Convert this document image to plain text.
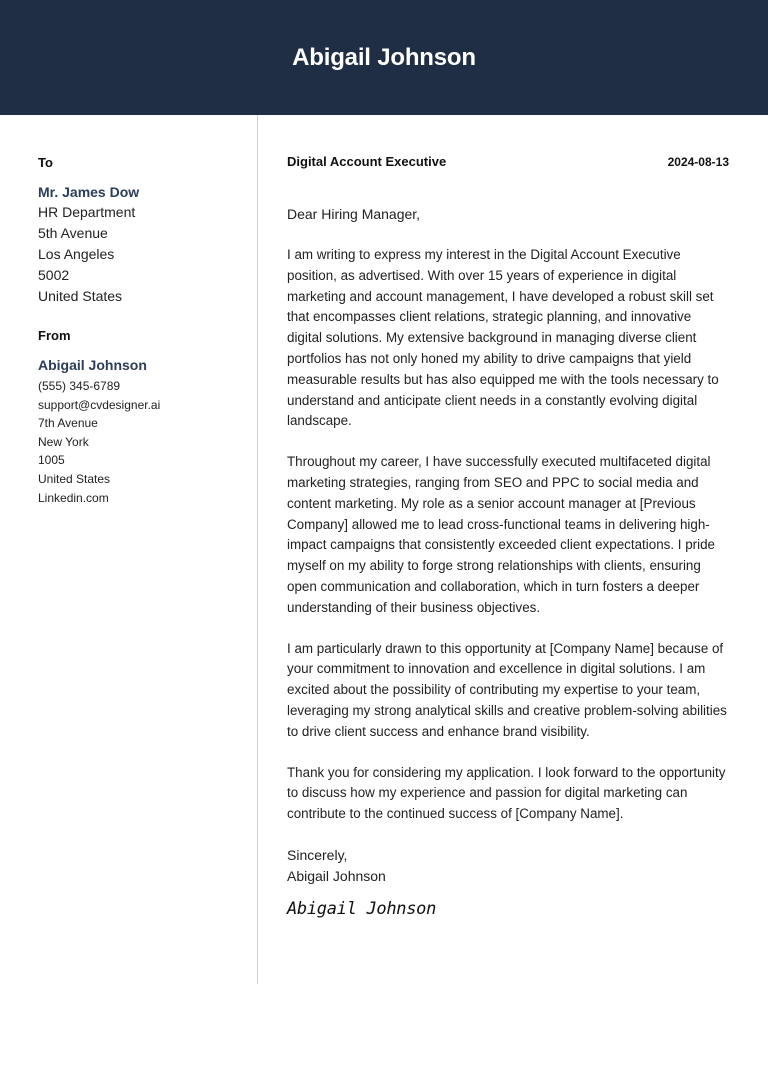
Abigail Johnson
To
Mr. James Dow
HR Department
5th Avenue
Los Angeles
5002
United States
From
Abigail Johnson
(555) 345-6789
support@cvdesigner.ai
7th Avenue
New York
1005
United States
Linkedin.com
Digital Account Executive	2024-08-13
Dear Hiring Manager,

I am writing to express my interest in the Digital Account Executive position, as advertised. With over 15 years of experience in digital marketing and account management, I have developed a robust skill set that encompasses client relations, strategic planning, and innovative digital solutions. My extensive background in managing diverse client portfolios has not only honed my ability to drive campaigns that yield measurable results but has also equipped me with the tools necessary to understand and anticipate client needs in a constantly evolving digital landscape.

Throughout my career, I have successfully executed multifaceted digital marketing strategies, ranging from SEO and PPC to social media and content marketing. My role as a senior account manager at [Previous Company] allowed me to lead cross-functional teams in delivering high-impact campaigns that consistently exceeded client expectations. I pride myself on my ability to forge strong relationships with clients, ensuring open communication and collaboration, which in turn fosters a deeper understanding of their business objectives.

I am particularly drawn to this opportunity at [Company Name] because of your commitment to innovation and excellence in digital solutions. I am excited about the possibility of contributing my expertise to your team, leveraging my strong analytical skills and creative problem-solving abilities to drive client success and enhance brand visibility.

Thank you for considering my application. I look forward to the opportunity to discuss how my experience and passion for digital marketing can contribute to the continued success of [Company Name].

Sincerely,
Abigail Johnson
Abigail Johnson
